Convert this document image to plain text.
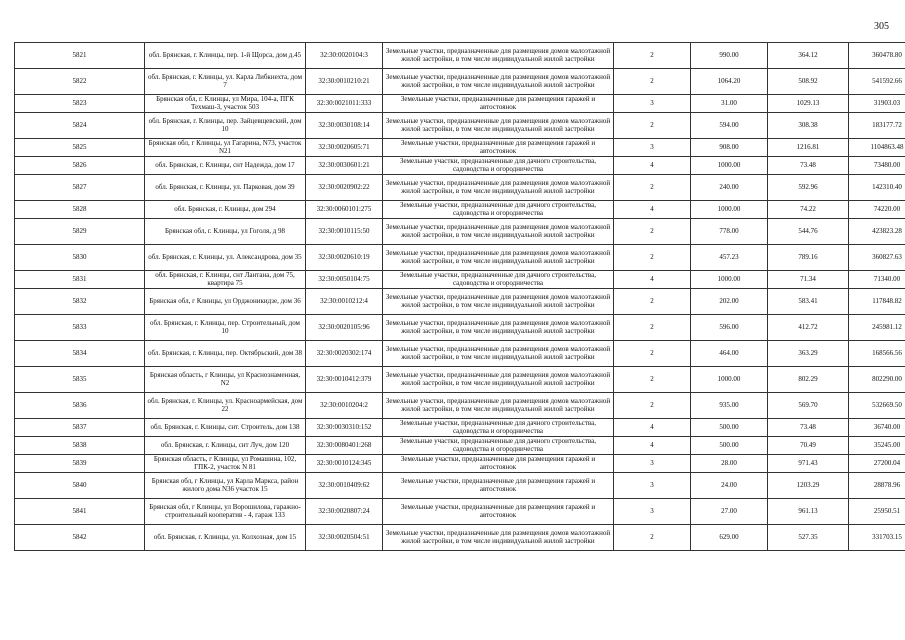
305
5821	обл. Брянская, г. Клинцы, пер. 1-й Щорса, дом д.45	32:30:0020104:3	Земельные участки, предназначенные для размещения домов малоэтажной жилой застройки, в том числе индивидуальной жилой застройки	2	990.00	364.12	360478.80
5822	обл. Брянская, г. Клинцы, ул. Карла Либкнехта, дом 7	32:30:0010210:21	Земельные участки, предназначенные для размещения домов малоэтажной жилой застройки, в том числе индивидуальной жилой застройки	2	1064.20	508.92	541592.66
5823	Брянская обл, г. Клинцы, ул Мира, 104-а, ПГК Техмаш-3, участок 503	32:30:0021011:333	Земельные участки, предназначенные для размещения гаражей и автостоянок	3	31.00	1029.13	31903.03
5824	обл. Брянская, г. Клинцы, пер. Зайцевщевский, дом 10	32:30:0030108:14	Земельные участки, предназначенные для размещения домов малоэтажной жилой застройки, в том числе индивидуальной жилой застройки	2	594.00	308.38	183177.72
5825	Брянская обл, г Клинцы, ул Гагарина, N73, участок N21	32:30:0020605:71	Земельные участки, предназначенные для размещения гаражей и автостоянок	3	908.00	1216.81	1104863.48
5826	обл. Брянская, г. Клинцы, снт Надежда, дом 17	32:30:0030601:21	Земельные участки, предназначенные для дачного строительства, садоводства и огородничества	4	1000.00	73.48	73480.00
5827	обл. Брянская, г. Клинцы, ул. Парковая, дом 39	32:30:0020902:22	Земельные участки, предназначенные для размещения домов малоэтажной жилой застройки, в том числе индивидуальной жилой застройки	2	240.00	592.96	142310.40
5828	обл. Брянская, г. Клинцы, дом 294	32:30:0060101:275	Земельные участки, предназначенные для дачного строительства, садоводства и огородничества	4	1000.00	74.22	74220.00
5829	Брянская обл, г. Клинцы, ул Гоголя, д 98	32:30:0010115:50	Земельные участки, предназначенные для размещения домов малоэтажной жилой застройки, в том числе индивидуальной жилой застройки	2	778.00	544.76	423823.28
5830	обл. Брянская, г. Клинцы, ул. Александрова, дом 35	32:30:0020610:19	Земельные участки, предназначенные для размещения домов малоэтажной жилой застройки, в том числе индивидуальной жилой застройки	2	457.23	789.16	360827.63
5831	обл. Брянская, г. Клинцы, снт Лантана, дом 75, квартира 75	32:30:0050104:75	Земельные участки, предназначенные для дачного строительства, садоводства и огородничества	4	1000.00	71.34	71340.00
5832	Брянская обл, г Клинцы, ул Орджоникидзе, дом 36	32:30:0010212:4	Земельные участки, предназначенные для размещения домов малоэтажной жилой застройки, в том числе индивидуальной жилой застройки	2	202.00	583.41	117848.82
5833	обл. Брянская, г. Клинцы, пер. Строительный, дом 10	32:30:0020105:96	Земельные участки, предназначенные для размещения домов малоэтажной жилой застройки, в том числе индивидуальной жилой застройки	2	596.00	412.72	245981.12
5834	обл. Брянская, г. Клинцы, пер. Октябрьский, дом 38	32:30:0020302:174	Земельные участки, предназначенные для размещения домов малоэтажной жилой застройки, в том числе индивидуальной жилой застройки	2	464.00	363.29	168566.56
5835	Брянская область, г Клинцы, ул Краснознаменная, N2	32:30:0010412:379	Земельные участки, предназначенные для размещения домов малоэтажной жилой застройки, в том числе индивидуальной жилой застройки	2	1000.00	802.29	802290.00
5836	обл. Брянская, г. Клинцы, ул. Красноармейская, дом 22	32:30:0010204:2	Земельные участки, предназначенные для размещения домов малоэтажной жилой застройки, в том числе индивидуальной жилой застройки	2	935.00	569.70	532669.50
5837	обл. Брянская, г. Клинцы, снт. Строитель, дом 138	32:30:0030310:152	Земельные участки, предназначенные для дачного строительства, садоводства и огородничества	4	500.00	73.48	36740.00
5838	обл. Брянская, г. Клинцы, снт Луч, дом 120	32:30:0080401:268	Земельные участки, предназначенные для дачного строительства, садоводства и огородничества	4	500.00	70.49	35245.00
5839	Брянская область, г Клинцы, ул Ромашина, 102, ГПК-2, участок N 81	32:30:0010124:345	Земельные участки, предназначенные для размещения гаражей и автостоянок	3	28.00	971.43	27200.04
5840	Брянская обл, г Клинцы, ул Карла Маркса, район жилого дома N36 участок 15	32:30:0010409:62	Земельные участки, предназначенные для размещения гаражей и автостоянок	3	24.00	1203.29	28878.96
5841	Брянская обл, г Клинцы, ул Ворошилова, гаражно-строительный кооператив - 4, гараж 133	32:30:0020807:24	Земельные участки, предназначенные для размещения гаражей и автостоянок	3	27.00	961.13	25950.51
5842	обл. Брянская, г. Клинцы, ул. Колхозная, дом 15	32:30:0020504:51	Земельные участки, предназначенные для размещения домов малоэтажной жилой застройки, в том числе индивидуальной жилой застройки	2	629.00	527.35	331703.15
